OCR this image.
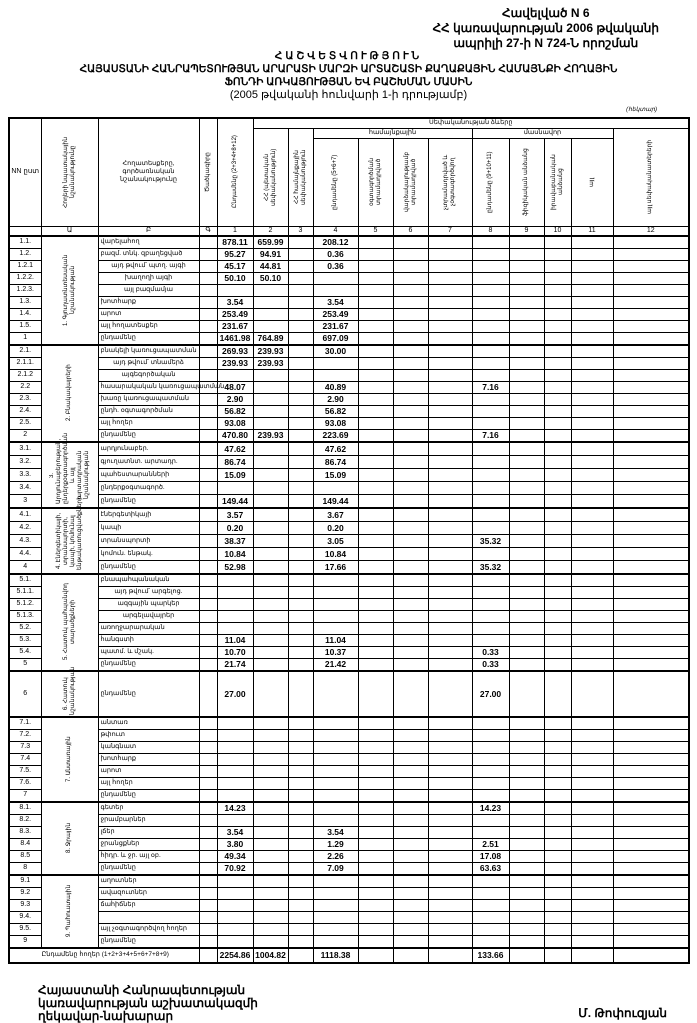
Հավելված N 6
ՀՀ կառավարության 2006 թվականի
ապրիլի 27-ի N 724-Ն որոշման
ՀԱՇՎԵՏՎՈՒԹՅՈՒՆ
ՀԱՅԱՍՏԱՆԻ ՀԱՆՐԱՊԵՏՈՒԹՅԱՆ ԱՐԱՐԱՏԻ ՄԱՐԶԻ ԱՐՏԱՇԱՏԻ ՔԱՂԱՔԱՅԻՆ ՀԱՄԱՅՆՔԻ ՀՈՂԱՅԻՆ
ՖՈՆԴԻ ԱՌԿԱՅՈՒԹՅԱՆ ԵՎ ԲԱՇԽՄԱՆ ՄԱՍԻՆ
(2005 թվականի հունվարի 1-ի դրությամբ)
(հեկտար)
NN ըստ	Հողերի նպատակային նշանակությունը	Հողատեսքերը, գործառնական նշանակությունը	Ծածկագիրը	Ընդամենը (2+3+4+8+12)	Սեփականության ձևերը										

					ՀՀ (պետական սեփականություն)	ՀՀ համայնքային սեփականություն	համայնքային				մասնավոր				այլ սեփականատերերի

							ընդամենը (5+6+7)	օգտագործման տրամադրված	վարձակալությամբ տրամադրված	չտրամադրված և չօգտագործվող	ընդամենը (9+10+11)	ֆիզիկական անձանց	իրավաբանական անձանց	այլ	

	Ա	Բ	Գ	1	2	3	4	5	6	7	8	9	10	11	12
1.1.	1. Գյուղատնտեսական նշանակության	վարելահող		878.11	659.99		208.12								
1.2.		բազմ. տնկ. զբաղեցված		95.27	94.91		0.36								
1.2.1		այդ թվում՝ պտղ. այգի		45.17	44.81		0.36								
1.2.2.		խաղողի այգի		50.10	50.10										
1.2.3.		այլ բազմամյա													
1.3.		խոտհարք		3.54			3.54								
1.4.		արոտ		253.49			253.49								
1.5.		այլ հողատեսքեր		231.67			231.67								
1		ընդամենը		1461.98	764.89		697.09								
2.1.	2. Բնակավայրերի	բնակելի կառուցապատման		269.93	239.93		30.00								
2.1.1.		այդ թվում՝ տնամերձ		239.93	239.93										
2.1.2		այգեգործական													
2.2		հասարակական կառուցապատման		48.07			40.89				7.16				
2.3.		խառը կառուցապատման		2.90			2.90								
2.4.		ընդհ. օգտագործման		56.82			56.82								
2.5.		այլ հողեր		93.08			93.08								
2		ընդամենը		470.80	239.93		223.69				7.16				
3.1.	3. Արդյունաբերության, ընդերքօգտագործման և այլ արտադրական նշանակության	արդյունաբեր.		47.62			47.62								
3.2.		գյուղատնտ. արտադր.		86.74			86.74								
3.3.		պահեստարանների		15.09			15.09								
3.4.		ընդերքօգտագործ.													
3		ընդամենը		149.44			149.44								
4.1.	4. Էներգետիկայի, տրանսպորտի, կապի, կոմունալ ենթակառուցվածքների	էներգետիկայի		3.57			3.67								
4.2.		կապի		0.20			0.20								
4.3.		տրանսպորտի		38.37			3.05				35.32				
4.4.		կոմուն. ենթակ.		10.84			10.84								
4		ընդամենը		52.98			17.66				35.32				
5.1.	5. Հատուկ պահպանվող տարածքների	բնապահպանական													
5.1.1.		այդ թվում՝ արգելոց.													
5.1.2.		ազգային պարկեր													
5.1.3.		արգելավայրեր													
5.2.		առողջարարական													
5.3.		հանգստի		11.04			11.04								
5.4.		պատմ. և մշակ.		10.70			10.37				0.33				
5		ընդամենը		21.74			21.42				0.33				
6	6. Հատուկ նշանակության	ընդամենը		27.00							27.00				
7.1.	7. Անտառային	անտառ													
7.2.		թփուտ													
7.3		կանգնատ													
7.4		խոտհարք													
7.5.		արոտ													
7.6.		այլ հողեր													
7		ընդամենը													
8.1.	8. Ջրային	գետեր		14.23							14.23				
8.2.		ջրամբարներ													
8.3.		լճեր		3.54			3.54								
8.4		ջրանցքներ		3.80			1.29				2.51				
8.5		հիդր. և ջր. այլ օբ.		49.34			2.26				17.08				
8		ընդամենը		70.92			7.09				63.63				
9.1	9. Պահուստային	աղուտներ													
9.2		ավազուտներ													
9.3		ճահիճներ													
9.4.															
9.5.		այլ չօգտագործվող հողեր													
9		ընդամենը													
Ընդամենը հողեր (1+2+3+4+5+6+7+8+9)				2254.86	1004.82		1118.38				133.66				
Հայաստանի Հանրապետության
կառավարության աշխատակազմի
ղեկավար-նախարար	Մ. Թոփուզյան
